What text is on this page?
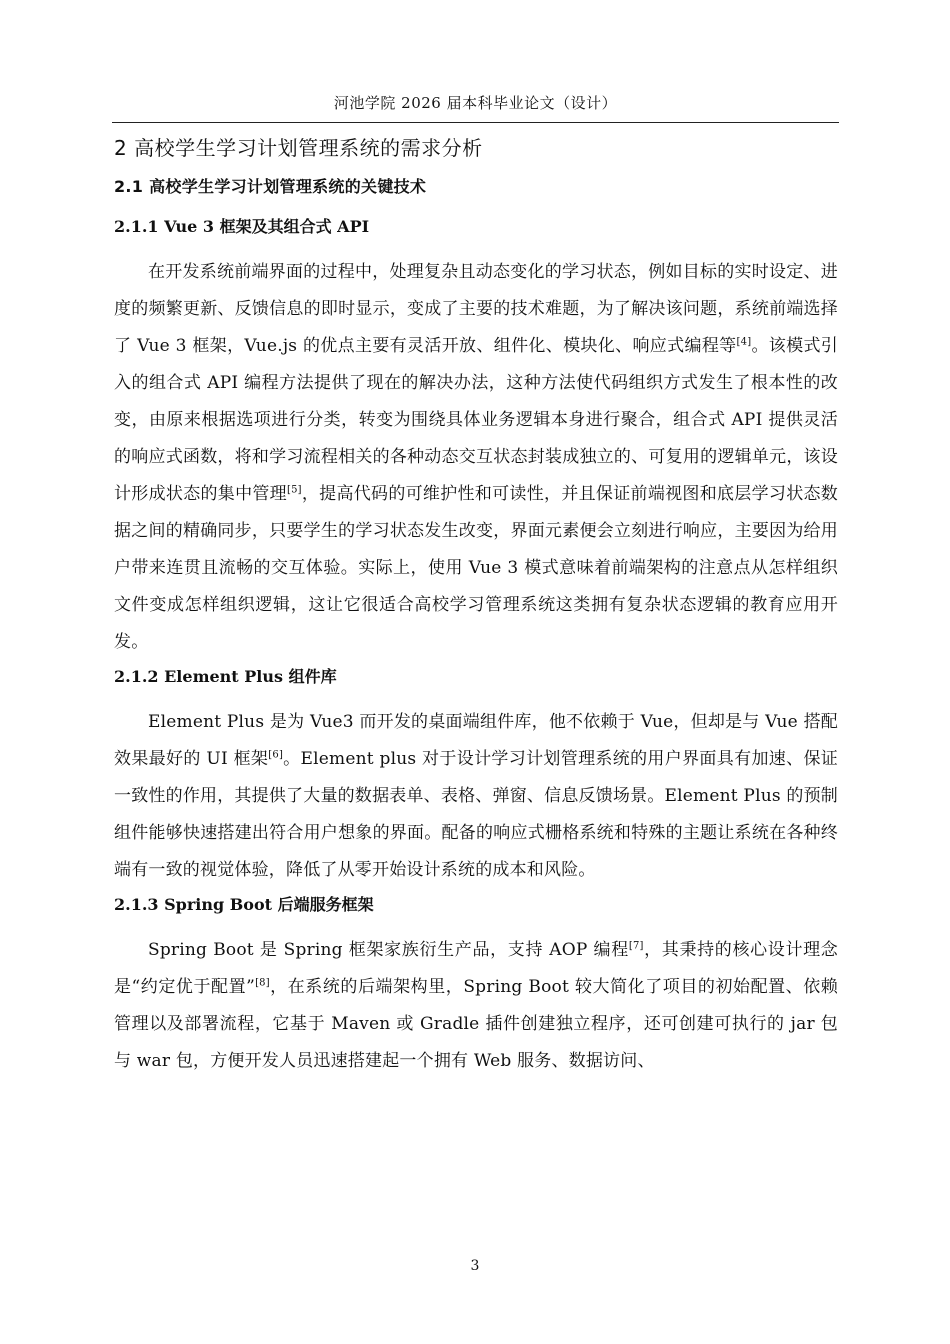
河池学院 2026 届本科毕业论文（设计）
2 高校学生学习计划管理系统的需求分析
2.1 高校学生学习计划管理系统的关键技术
2.1.1 Vue 3 框架及其组合式 API

在开发系统前端界面的过程中，处理复杂且动态变化的学习状态，例如目标的实时设定、进度的频繁更新、反馈信息的即时显示，变成了主要的技术难题，为了解决该问题，系统前端选择了 Vue 3 框架，Vue.js 的优点主要有灵活开放、组件化、模块化、响应式编程等[4]。该模式引入的组合式 API 编程方法提供了现在的解决办法，这种方法使代码组织方式发生了根本性的改变，由原来根据选项进行分类，转变为围绕具体业务逻辑本身进行聚合，组合式 API 提供灵活的响应式函数，将和学习流程相关的各种动态交互状态封装成独立的、可复用的逻辑单元，该设计形成状态的集中管理[5]，提高代码的可维护性和可读性，并且保证前端视图和底层学习状态数据之间的精确同步，只要学生的学习状态发生改变，界面元素便会立刻进行响应，主要因为给用户带来连贯且流畅的交互体验。实际上，使用 Vue 3 模式意味着前端架构的注意点从怎样组织文件变成怎样组织逻辑，这让它很适合高校学习管理系统这类拥有复杂状态逻辑的教育应用开发。

2.1.2 Element Plus 组件库

Element Plus 是为 Vue3 而开发的桌面端组件库，他不依赖于 Vue，但却是与 Vue 搭配效果最好的 UI 框架[6]。Element plus 对于设计学习计划管理系统的用户界面具有加速、保证一致性的作用，其提供了大量的数据表单、表格、弹窗、信息反馈场景。Element Plus 的预制组件能够快速搭建出符合用户想象的界面。配备的响应式栅格系统和特殊的主题让系统在各种终端有一致的视觉体验，降低了从零开始设计系统的成本和风险。

2.1.3 Spring Boot 后端服务框架

Spring Boot 是 Spring 框架家族衍生产品，支持 AOP 编程[7]，其秉持的核心设计理念是“约定优于配置”[8]，在系统的后端架构里，Spring Boot 较大简化了项目的初始配置、依赖管理以及部署流程，它基于 Maven 或 Gradle 插件创建独立程序，还可创建可执行的 jar 包与 war 包，方便开发人员迅速搭建起一个拥有 Web 服务、数据访问、

3
